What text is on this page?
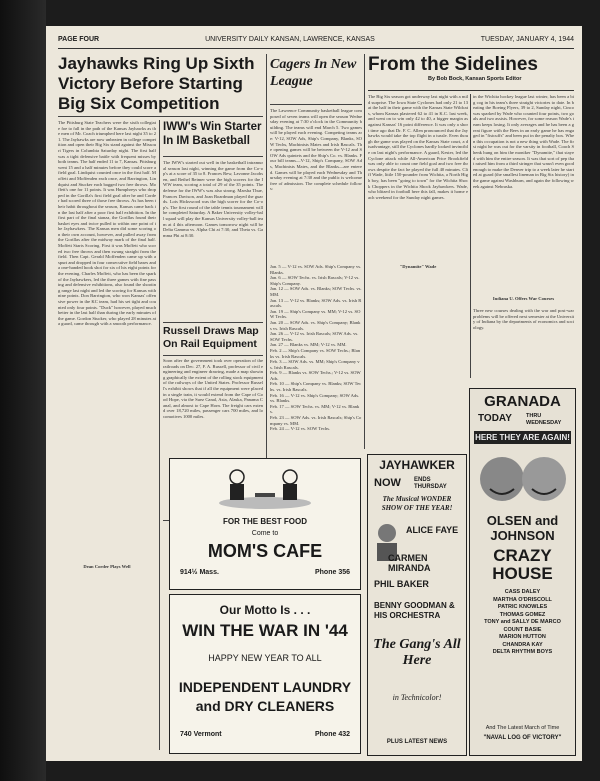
PAGE FOUR	UNIVERSITY DAILY KANSAN, LAWRENCE, KANSAS	TUESDAY, JANUARY 4, 1944
Jayhawks Ring Up Sixth Victory Before Starting Big Six Competition
The Pittsburg State Teachers were the sixth collegiate foe to fall in the path of the Kansas Jayhawks as the men of Mr. Coach triumphed here last night 35 to 21. The Jayhawks are now unbeaten in college competition and open their Big Six stand against the Missouri Tigers in Columbia Saturday night. The first half was a tight defensive battle with frequent misses by both teams. The half ended 11 to 7, Kansas. Pittsburg went 15 and a half minutes before they could score a field goal. Lindquist counted once in the first half. Moffett and Moffenden each once, and Barrington, Lindquist and Stucker each bagged two free throws. Moffett's one for 11 points. It was Humphreys who dropped in the Gorilla's first field goal after he and Corder had scored three of those free throws. As has been their habit throughout the season, Kansas came back in the last half after a poor first half exhibition. In the first part of the final stanza, the Gorillas found their basket eyes and twice pulled to within one point of the Jayhawkers. The Kansas men did some scoring on their own account, however, and pulled away from the Gorillas after the midway mark of the final half. Moffett Starts Scoring. First it was Moffett who scored two free throws and then swung straight from the field. Then Capt. Gerald Moffenden came up with a spurt and dropped in four consecutive field bases and a one-handed hook shot for six of his eight points for the evening. Charles Moffett, who has been the spark of the Jayhawkers, led the three games with fine passing and defensive exhibitions, also found the shooting range last night and led the scoring for Kansas with nine points. Don Barrington, who won Kansas' offensive power in the KC team, had his set tight and counted only four points. "Duck" however, played much better in the last half than during the early minutes of the game. Gordon Stucker, who played 28 minutes at a guard, came through with a smooth performance.
Dean Corder Plays Well
IWW's Win Starter In IM Basketball
The IWW's started out well in the basketball intramural season last night, winning the game from the Co-op's at a score of 35 to 8. Frances Rew, Lavonne Jacobsen, and Bethel Reimer were the high scorers for the IWW team, scoring a total of 29 of the 35 points. The defense for the IWW's was also strong. Marsha Thue, Frances Davison, and Joan Boardman played the guards. Lois Hickswood was the high scorer for the Co-op's. The first round of the table tennis tournament will be completed Saturday. A Baker University volley-ball squad will play the Kansas University volley-ball team at 4 this afternoon. Games tomorrow night will be Delta Gamma vs. Alpha Chi at 7:30, and Theta vs. Gamma Phi at 8:30.
Russell Draws Map On Rail Equipment
Soon after the government took over operation of the railroads on Dec. 27, F. A. Russell, professor of civil engineering and engineer drawing, made a map showing graphically the extent of the rolling stock equipment of the railways of the United States. Professor Russell's exhibit shows that if all the equipment were placed in a single train, it would extend from the Cape of Good Hope, via the Suez Canal, Asia, Alaska, Panama Canal, and almost to Cape Horn. The freight cars extend over 18,720 miles, passenger cars 700 miles, and locomotives 1000 miles.
Cagers In New League
The Lawrence Community basketball league composed of seven teams will open the season Wednesday evening at 7:30 o'clock in the Community building. The teams will end March 5. Two games will be played each evening. Competing teams are: V-12, SOW Ads, Ship's Company, Blanks, SOW Techs, Machinists Mates and Irish Rascals. The opening games will be between the V-12 and SOW Ads quintets and the Ship's Co. vs. Blanks. Four bill teams—V-12, Ship's Company, SOW Ads, Machinists Mates, and the Blanks—are entered. Games will be played each Wednesday and Thursday evening at 7:30 and the public is welcome free of admission. The complete schedule follows:
Jan. 5 — V-12 vs. SOW Ads. Ship's Company vs. Blanks.
Jan. 6 — SOW Techs. vs. Irish Rascals; V-12 vs. Ship's Company.
Jan. 12 — SOW Ads. vs. Blanks; SOW Techs. vs. MM.
Jan. 13 — V-12 vs. Blanks; SOW Ads. vs. Irish Rascals.
Jan. 19 — Ship's Company vs. MM; V-12 vs. SOW Techs.
Jan. 20 — SOW Ads. vs. Ship's Company; Blanks vs. Irish Rascals.
Jan. 26 — V-12 vs. Irish Rascals; SOW Ads. vs. SOW Techs.
Jan. 27 — Blanks vs. MM; V-12 vs. MM.
Feb. 2 — Ship's Company vs. SOW Techs.; Blanks vs. Irish Rascals.
Feb. 3 — SOW Ads. vs. MM; Ship's Company vs. Irish Rascals.
Feb. 9 — Blanks vs. SOW Techs.; V-12 vs. SOW Ads.
Feb. 10 — Ship's Company vs. Blanks; SOW Techs. vs. Irish Rascals.
Feb. 16 — V-12 vs. Ship's Company; SOW Ads. vs. Blanks.
Feb. 17 — SOW Techs. vs. MM; V-12 vs. Blanks.
Feb. 23 — SOW Ads. vs. Irish Rascals; Ship's Company vs. MM.
Feb. 24 — V-12 vs. SOW Techs.
From the Sidelines
By Bob Bock, Kansan Sports Editor
The Big Six season got underway last night with a mild surprise. The Iowa State Cyclones had only 21 to 13 at the half in their game with the Kansas State Wildcats, whom Kansas plastered 62 to 41 in K.C. last week, and went on to win only 42 to 40, a bigger margin as against Kansas' 16 point difference. It was only a short time ago that Dr. F. C. Allen pronounced that the Jayhawks would take the top flight in a tussle. Even though the game was played on the Kansas State court, a disadvantage, still the Cyclones hardly looked invincible on last night's performance. A guard, Kester, led the Cyclone attack while All-American Price Brookfield was only able to count one field goal and two free throws despite the fact he played the full 40 minutes. Cliff Wade, little 150-pounder from Wichita, a North High boy, has been "going to town" for the Wichita Shock Choppers in the Wichita Shock Jayhawkers. Wade, who blitzed in football here this fall, makes it home each weekend for the Sunday night games.
"Dynamite" Wade
in the Wichita hockey league last winter, has been a big cog in his team's three straight victories to date. In beating the Boeing Flyers, 39 to 2, Sunday night, Cinco was sparked by Wade who counted four points, two goals and two assists. However, for some reason Wade's team keeps losing. It only averages and he has been a great figure with the Bees in an early game he has engaged in "fistcuffs" and been put in the penalty box. When this occupation is not a new thing with Wade. The first night he was out for the varsity in football, Coach Shenk hung on him the moniker "Dynamite," that stayed with him the entire season. It was that sort of pep that raised him from a third stringer that wasn't even good enough to make the Denver trip to a week later he started at guard (the smallest lineman in Big Six history) in the game against Washburn, and again the following week against Nebraska.
Indiana U. Offers War Courses
Three new courses dealing with the war and post-war problems will be offered next semester at the University of Indiana by the departments of economics and sociology.
FOR THE BEST FOOD
Come to
MOM'S CAFE
914½ Mass.	Phone 356
Our Motto Is . . .
WIN THE WAR IN '44
HAPPY NEW YEAR TO ALL
INDEPENDENT LAUNDRY
and DRY CLEANERS
740 Vermont	Phone 432
JAYHAWKER
NOW ENDS THURSDAY
The Musical WONDER SHOW OF THE YEAR!
ALICE FAYE
CARMEN MIRANDA
PHIL BAKER
BENNY GOODMAN & HIS ORCHESTRA
The Gang's All Here
in Technicolor!
PLUS LATEST NEWS
GRANADA
TODAY	THRU WEDNESDAY
HERE THEY ARE AGAIN!
OLSEN and JOHNSON
CRAZY HOUSE
CASS DALEY
MARTHA O'DRISCOLL
PATRIC KNOWLES
THOMAS GOMEZ
TONY and SALLY DE MARCO
COUNT BASIE
MARION HUTTON
CHANDRA KAY
DELTA RHYTHM BOYS
And The Latest March of Time
"NAVAL LOG OF VICTORY"
